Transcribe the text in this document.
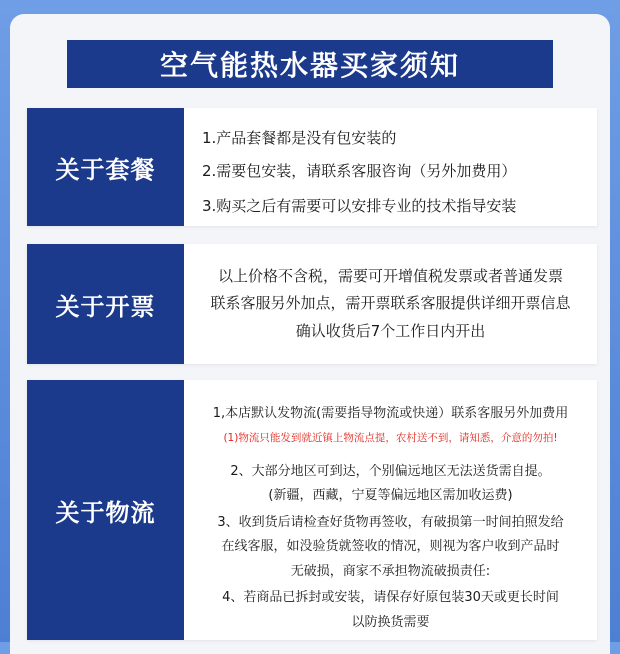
空气能热水器买家须知
关于套餐
1.产品套餐都是没有包安装的
2.需要包安装，请联系客服咨询（另外加费用）
3.购买之后有需要可以安排专业的技术指导安装
关于开票
以上价格不含税，需要可开增值税发票或者普通发票
联系客服另外加点，需开票联系客服提供详细开票信息
确认收货后7个工作日内开出
关于物流
1,本店默认发物流(需要指导物流或快递）联系客服另外加费用
(1)物流只能发到就近镇上物流点提，农村送不到，请知悉，介意的勿拍!
2、大部分地区可到达，个别偏远地区无法送货需自提。
(新疆，西藏，宁夏等偏远地区需加收运费)
3、收到货后请检查好货物再签收，有破损第一时间拍照发给
在线客服，如没验货就签收的情况，则视为客户收到产品时
无破损，商家不承担物流破损责任:
4、若商品已拆封或安装，请保存好原包装30天或更长时间
以防换货需要
